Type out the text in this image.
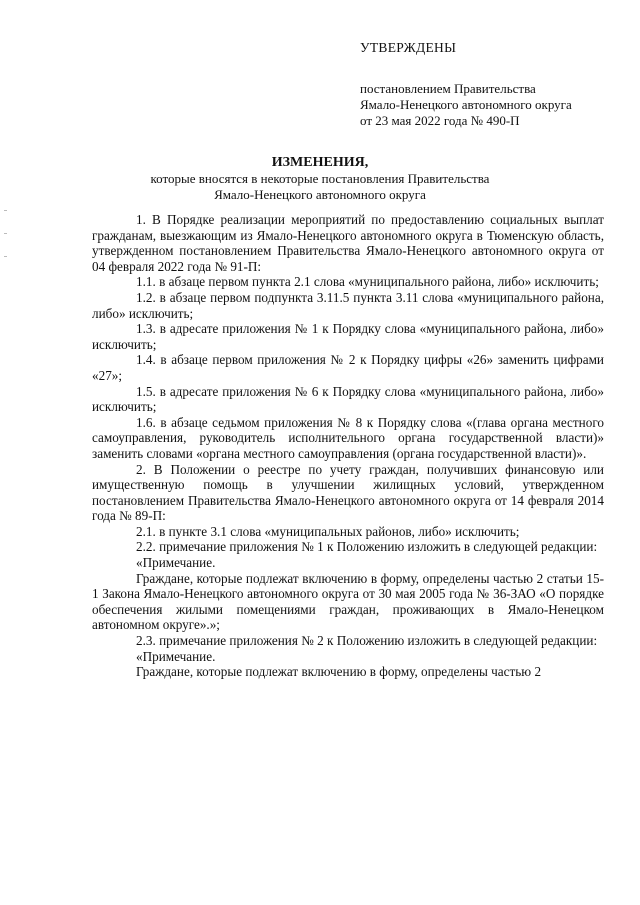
УТВЕРЖДЕНЫ
постановлением Правительства
Ямало-Ненецкого автономного округа
от 23 мая 2022 года № 490-П
ИЗМЕНЕНИЯ,
которые вносятся в некоторые постановления Правительства
Ямало-Ненецкого автономного округа

1. В Порядке реализации мероприятий по предоставлению социальных выплат гражданам, выезжающим из Ямало-Ненецкого автономного округа в Тюменскую область, утвержденном постановлением Правительства Ямало-Ненецкого автономного округа от 04 февраля 2022 года № 91-П:

1.1. в абзаце первом пункта 2.1 слова «муниципального района, либо» исключить;

1.2. в абзаце первом подпункта 3.11.5 пункта 3.11 слова «муниципального района, либо» исключить;

1.3. в адресате приложения № 1 к Порядку слова «муниципального района, либо» исключить;

1.4. в абзаце первом приложения № 2 к Порядку цифры «26» заменить цифрами «27»;

1.5. в адресате приложения № 6 к Порядку слова «муниципального района, либо» исключить;

1.6. в абзаце седьмом приложения № 8 к Порядку слова «(глава органа местного самоуправления, руководитель исполнительного органа государственной власти)» заменить словами «органа местного самоуправления (органа государственной власти)».

2. В Положении о реестре по учету граждан, получивших финансовую или имущественную помощь в улучшении жилищных условий, утвержденном постановлением Правительства Ямало-Ненецкого автономного округа от 14 февраля 2014 года № 89-П:

2.1. в пункте 3.1 слова «муниципальных районов, либо» исключить;

2.2. примечание приложения № 1 к Положению изложить в следующей редакции:

«Примечание.

Граждане, которые подлежат включению в форму, определены частью 2 статьи 15-1 Закона Ямало-Ненецкого автономного округа от 30 мая 2005 года № 36-ЗАО «О порядке обеспечения жилыми помещениями граждан, проживающих в Ямало-Ненецком автономном округе».»;

2.3. примечание приложения № 2 к Положению изложить в следующей редакции:

«Примечание.

Граждане, которые подлежат включению в форму, определены частью 2
